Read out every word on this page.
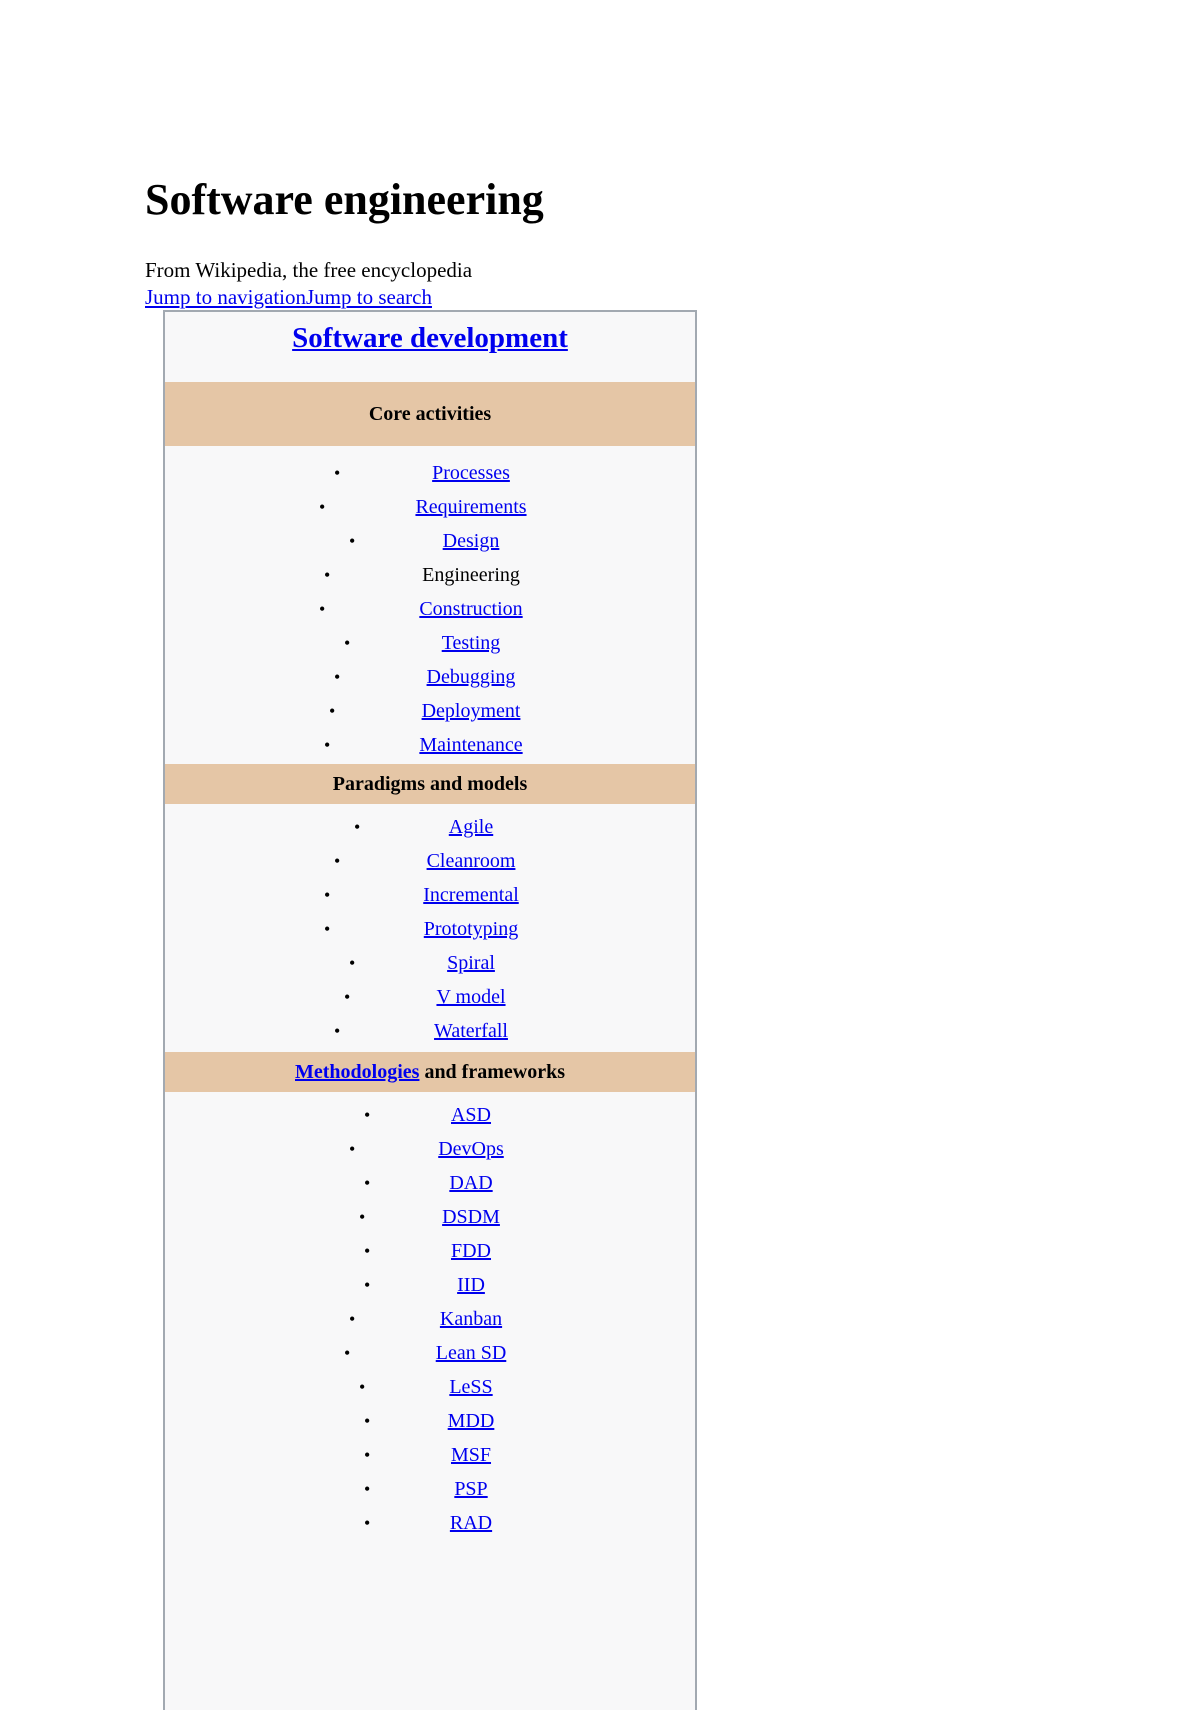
Software engineering
From Wikipedia, the free encyclopedia
Jump to navigationJump to search
Software development
Core activities
•	Processes
•	Requirements
•	Design
•	Engineering
•	Construction
•	Testing
•	Debugging
•	Deployment
•	Maintenance
Paradigms and models
•	Agile
•	Cleanroom
•	Incremental
•	Prototyping
•	Spiral
•	V model
•	Waterfall
Methodologies and frameworks
•	ASD
•	DevOps
•	DAD
•	DSDM
•	FDD
•	IID
•	Kanban
•	Lean SD
•	LeSS
•	MDD
•	MSF
•	PSP
•	RAD
